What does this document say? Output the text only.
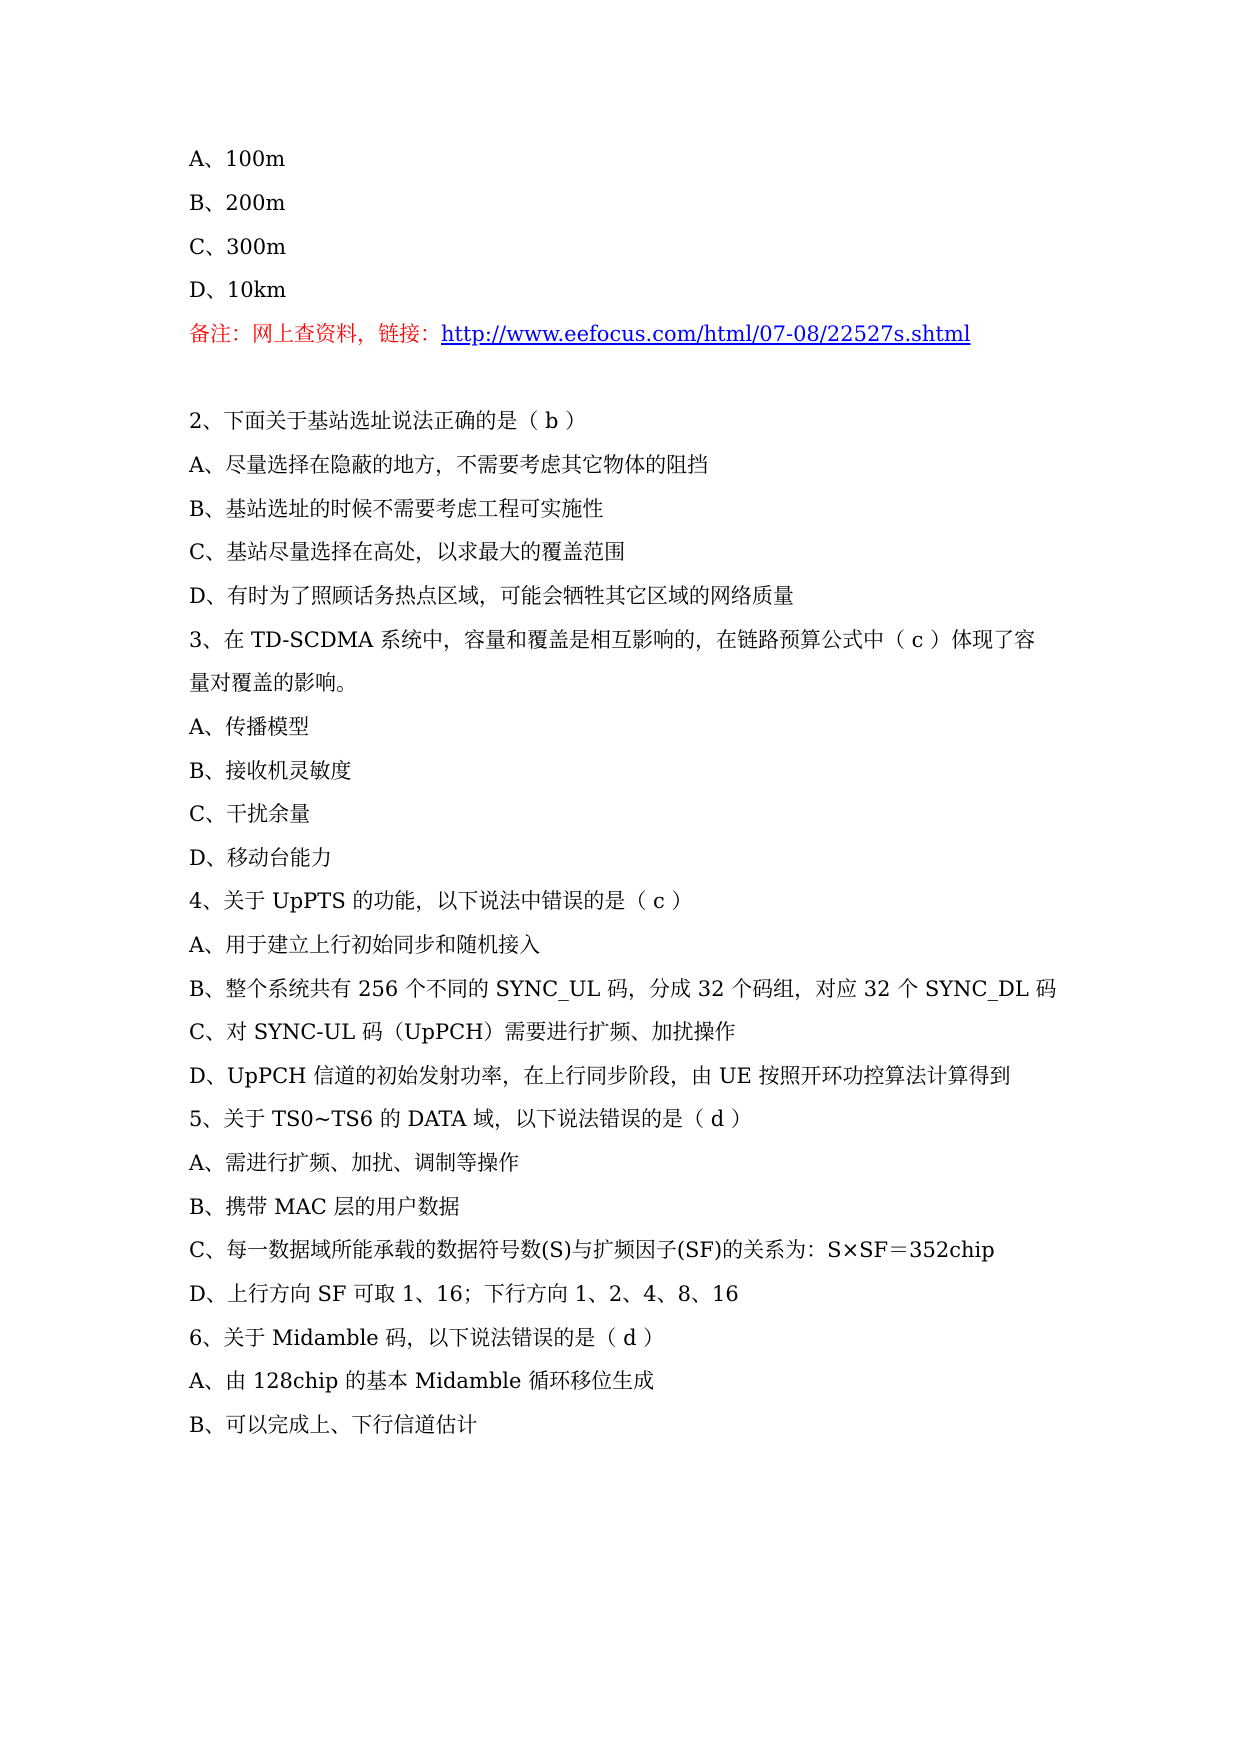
A、100m
B、200m
C、300m
D、10km
备注：网上查资料，链接：http://www.eefocus.com/html/07-08/22527s.shtml
2、下面关于基站选址说法正确的是（ b ）
A、尽量选择在隐蔽的地方，不需要考虑其它物体的阻挡
B、基站选址的时候不需要考虑工程可实施性
C、基站尽量选择在高处，以求最大的覆盖范围
D、有时为了照顾话务热点区域，可能会牺牲其它区域的网络质量
3、在 TD-SCDMA 系统中，容量和覆盖是相互影响的，在链路预算公式中（ c ）体现了容
量对覆盖的影响。
A、传播模型
B、接收机灵敏度
C、干扰余量
D、移动台能力
4、关于 UpPTS 的功能，以下说法中错误的是（ c ）
A、用于建立上行初始同步和随机接入
B、整个系统共有 256 个不同的 SYNC_UL 码，分成 32 个码组，对应 32 个 SYNC_DL 码
C、对 SYNC-UL 码（UpPCH）需要进行扩频、加扰操作
D、UpPCH 信道的初始发射功率，在上行同步阶段，由 UE 按照开环功控算法计算得到
5、关于 TS0~TS6 的 DATA 域，以下说法错误的是（ d ）
A、需进行扩频、加扰、调制等操作
B、携带 MAC 层的用户数据
C、每一数据域所能承载的数据符号数(S)与扩频因子(SF)的关系为：S×SF＝352chip
D、上行方向 SF 可取 1、16；下行方向 1、2、4、8、16
6、关于 Midamble 码，以下说法错误的是（ d ）
A、由 128chip 的基本 Midamble 循环移位生成
B、可以完成上、下行信道估计
